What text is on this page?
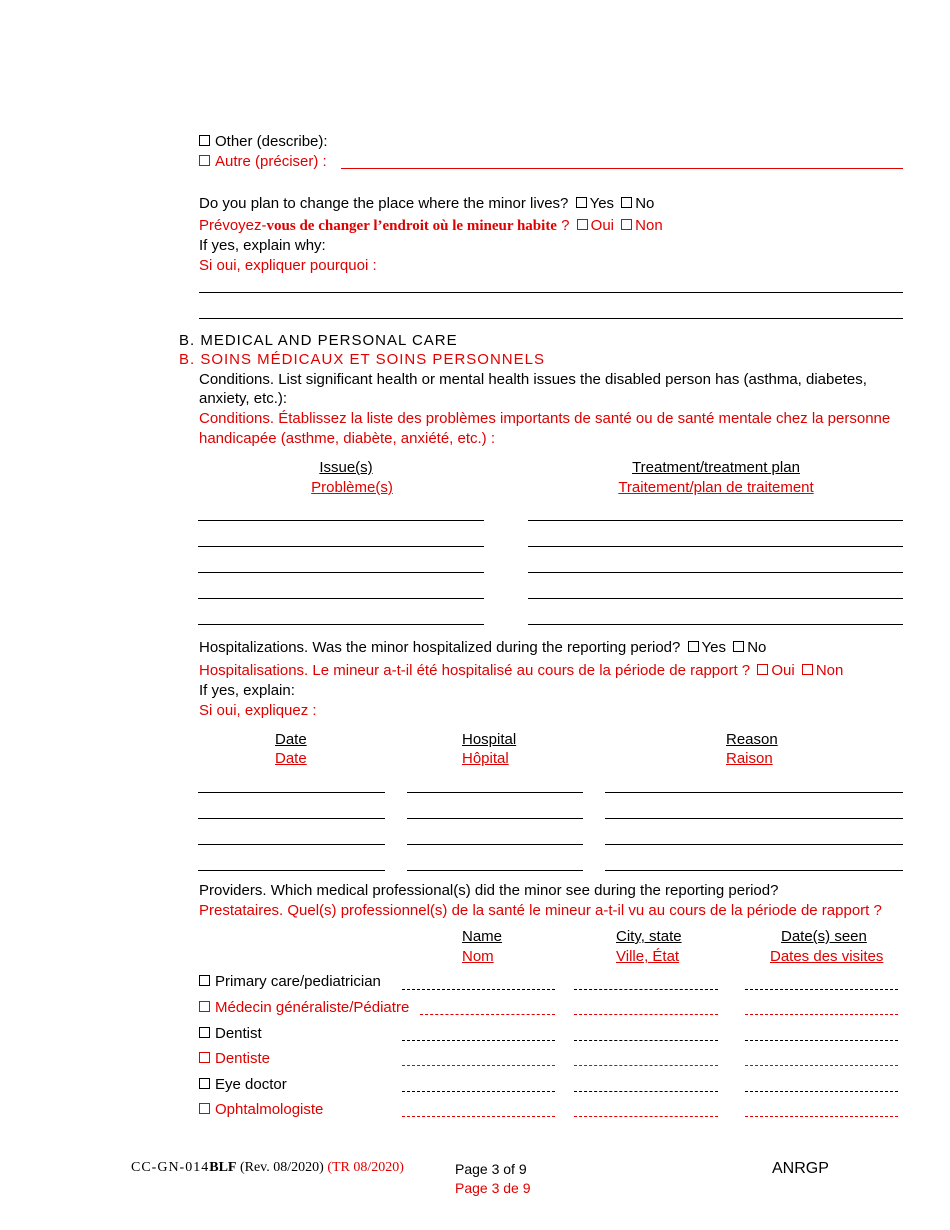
Other (describe):
Autre (préciser) :
Do you plan to change the place where the minor lives? Yes No
Prévoyez-vous de changer l’endroit où le mineur habite ? Oui Non
If yes, explain why:
Si oui, expliquer pourquoi :
B. MEDICAL AND PERSONAL CARE
B. SOINS MÉDICAUX ET SOINS PERSONNELS
Conditions. List significant health or mental health issues the disabled person has (asthma, diabetes,
anxiety, etc.):
Conditions. Établissez la liste des problèmes importants de santé ou de santé mentale chez la personne
handicapée (asthme, diabète, anxiété, etc.) :
Issue(s)
Problème(s)
Treatment/treatment plan
Traitement/plan de traitement
Hospitalizations. Was the minor hospitalized during the reporting period? Yes No
Hospitalisations. Le mineur a-t-il été hospitalisé au cours de la période de rapport ? Oui Non
If yes, explain:
Si oui, expliquez :
Date
Date
Hospital
Hôpital
Reason
Raison
Providers. Which medical professional(s) did the minor see during the reporting period?
Prestataires. Quel(s) professionnel(s) de la santé le mineur a-t-il vu au cours de la période de rapport ?
Name
Nom
City, state
Ville, État
Date(s) seen
Dates des visites
Primary care/pediatrician
Médecin généraliste/Pédiatre
Dentist
Dentiste
Eye doctor
Ophtalmologiste
CC-GN-014BLF (Rev. 08/2020) (TR 08/2020)	Page 3 of 9
Page 3 de 9
ANRGP
